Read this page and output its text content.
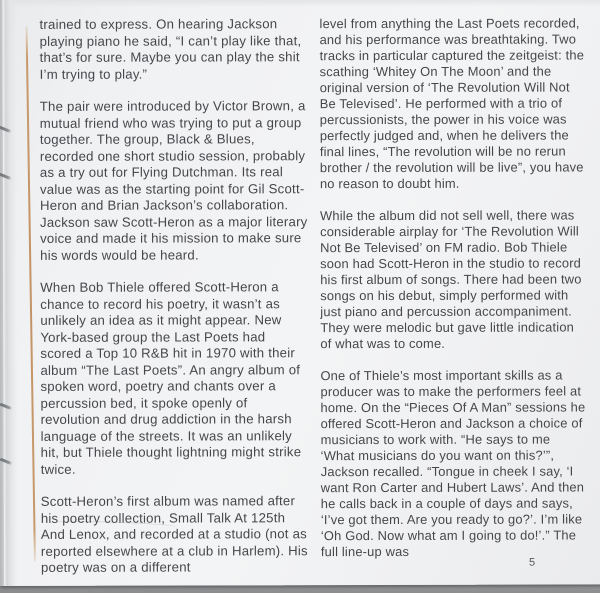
trained to express. On hearing Jackson playing piano he said, “I can’t play like that, that’s for sure. Maybe you can play the shit I’m trying to play.”

The pair were introduced by Victor Brown, a mutual friend who was trying to put a group together. The group, Black & Blues, recorded one short studio session, probably as a try out for Flying Dutchman. Its real value was as the starting point for Gil Scott-Heron and Brian Jackson’s collaboration. Jackson saw Scott-Heron as a major literary voice and made it his mission to make sure his words would be heard.

When Bob Thiele offered Scott-Heron a chance to record his poetry, it wasn’t as unlikely an idea as it might appear. New York-based group the Last Poets had scored a Top 10 R&B hit in 1970 with their album “The Last Poets”. An angry album of spoken word, poetry and chants over a percussion bed, it spoke openly of revolution and drug addiction in the harsh language of the streets. It was an unlikely hit, but Thiele thought lightning might strike twice.

Scott-Heron’s first album was named after his poetry collection, Small Talk At 125th And Lenox, and recorded at a studio (not as reported elsewhere at a club in Harlem). His poetry was on a different

level from anything the Last Poets recorded, and his performance was breathtaking. Two tracks in particular captured the zeitgeist: the scathing ‘Whitey On The Moon’ and the original version of ‘The Revolution Will Not Be Televised’. He performed with a trio of percussionists, the power in his voice was perfectly judged and, when he delivers the final lines, “The revolution will be no rerun brother / the revolution will be live”, you have no reason to doubt him.

While the album did not sell well, there was considerable airplay for ‘The Revolution Will Not Be Televised’ on FM radio. Bob Thiele soon had Scott-Heron in the studio to record his first album of songs. There had been two songs on his debut, simply performed with just piano and percussion accompaniment. They were melodic but gave little indication of what was to come.

One of Thiele’s most important skills as a producer was to make the performers feel at home. On the “Pieces Of A Man” sessions he offered Scott-Heron and Jackson a choice of musicians to work with. “He says to me ‘What musicians do you want on this?’”, Jackson recalled. “Tongue in cheek I say, ‘I want Ron Carter and Hubert Laws’. And then he calls back in a couple of days and says, ‘I’ve got them. Are you ready to go?’. I’m like ‘Oh God. Now what am I going to do!’.” The full line-up was

5
